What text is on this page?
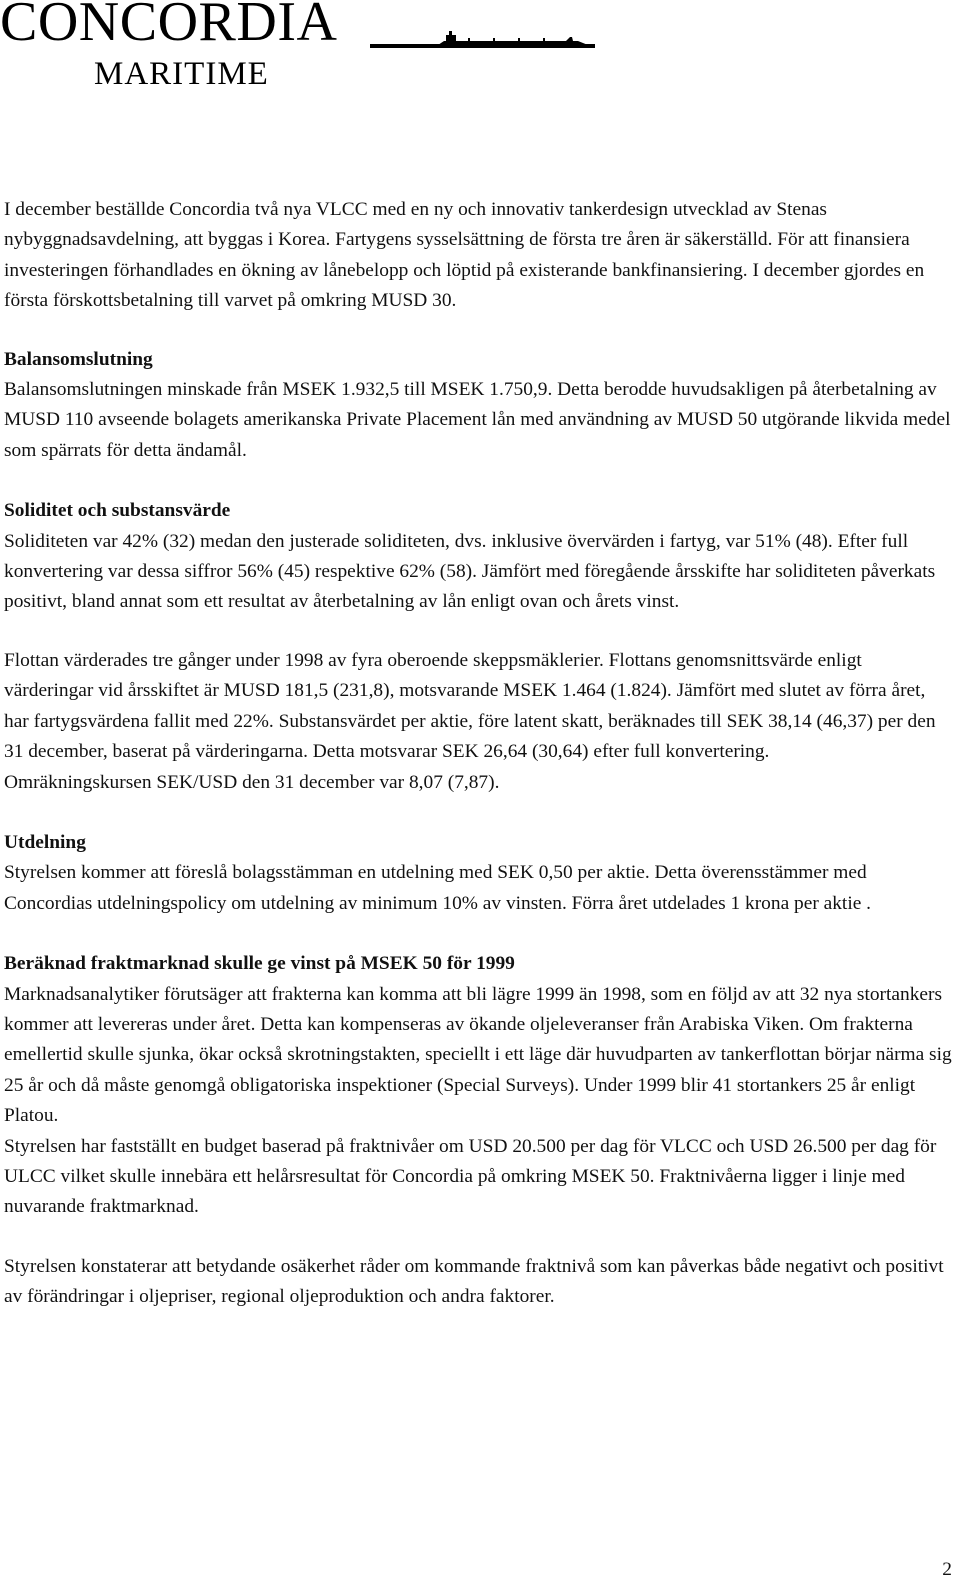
CONCORDIA
MARITIME

I december beställde Concordia två nya VLCC med en ny och innovativ tankerdesign utvecklad av Stenas nybyggnadsavdelning, att byggas i Korea. Fartygens sysselsättning de första tre åren är säkerställd. För att finansiera investeringen förhandlades en ökning av lånebelopp och löptid på existerande bankfinansiering. I december gjordes en första förskottsbetalning till varvet på omkring MUSD 30.

Balansomslutning

Balansomslutningen minskade från MSEK 1.932,5 till MSEK 1.750,9. Detta berodde huvudsakligen på återbetalning av MUSD 110 avseende bolagets amerikanska Private Placement lån med användning av MUSD 50 utgörande likvida medel som spärrats för detta ändamål.

Soliditet och substansvärde

Soliditeten var 42% (32) medan den justerade soliditeten, dvs. inklusive övervärden i fartyg, var 51% (48). Efter full konvertering var dessa siffror 56% (45) respektive 62% (58). Jämfört med föregående årsskifte har soliditeten påverkats positivt, bland annat som ett resultat av återbetalning av lån enligt ovan och årets vinst.

Flottan värderades tre gånger under 1998 av fyra oberoende skeppsmäklerier. Flottans genomsnittsvärde enligt värderingar vid årsskiftet är MUSD 181,5 (231,8), motsvarande MSEK 1.464 (1.824). Jämfört med slutet av förra året, har fartygsvärdena fallit med 22%. Substansvärdet per aktie, före latent skatt, beräknades till SEK 38,14 (46,37) per den 31 december, baserat på värderingarna. Detta motsvarar SEK 26,64 (30,64) efter full konvertering.

Omräkningskursen SEK/USD den 31 december var 8,07 (7,87).

Utdelning

Styrelsen kommer att föreslå bolagsstämman en utdelning med SEK 0,50 per aktie. Detta överensstämmer med Concordias utdelningspolicy om utdelning av minimum 10% av vinsten. Förra året utdelades 1 krona per aktie .

Beräknad fraktmarknad skulle ge vinst på MSEK 50 för 1999

Marknadsanalytiker förutsäger att frakterna kan komma att bli lägre 1999 än 1998, som en följd av att 32 nya stortankers kommer att levereras under året. Detta kan kompenseras av ökande oljeleveranser från Arabiska Viken. Om frakterna emellertid skulle sjunka, ökar också skrotningstakten, speciellt i ett läge där huvudparten av tankerflottan börjar närma sig 25 år och då måste genomgå obligatoriska inspektioner (Special Surveys). Under 1999 blir 41 stortankers 25 år enligt Platou.

Styrelsen har fastställt en budget baserad på fraktnivåer om USD 20.500 per dag för VLCC och USD 26.500 per dag för ULCC vilket skulle innebära ett helårsresultat för Concordia på omkring MSEK 50. Fraktnivåerna ligger i linje med nuvarande fraktmarknad.

Styrelsen konstaterar att betydande osäkerhet råder om kommande fraktnivå som kan påverkas både negativt och positivt av förändringar i oljepriser, regional oljeproduktion och andra faktorer.

2
